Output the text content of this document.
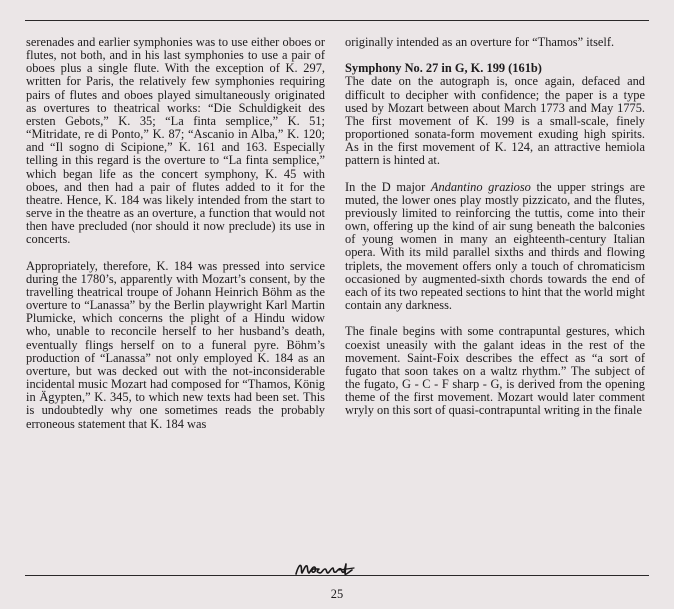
serenades and earlier symphonies was to use either oboes or flutes, not both, and in his last symphonies to use a pair of oboes plus a single flute. With the exception of K. 297, written for Paris, the relatively few symphonies requiring pairs of flutes and oboes played simultaneously originated as overtures to theatrical works: “Die Schuldigkeit des ersten Gebots,” K. 35; “La finta semplice,” K. 51; “Mitridate, re di Ponto,” K. 87; “Ascanio in Alba,” K. 120; and “Il sogno di Scipione,” K. 161 and 163. Especially telling in this regard is the overture to “La finta semplice,” which began life as the concert symphony, K. 45 with oboes, and then had a pair of flutes added to it for the theatre. Hence, K. 184 was likely intended from the start to serve in the theatre as an overture, a function that would not then have precluded (nor should it now preclude) its use in concerts.

Appropriately, therefore, K. 184 was pressed into service during the 1780’s, apparently with Mozart’s consent, by the travelling theatrical troupe of Johann Heinrich Böhm as the overture to “Lanassa” by the Berlin playwright Karl Martin Plumicke, which concerns the plight of a Hindu widow who, unable to reconcile herself to her husband’s death, eventually flings herself on to a funeral pyre. Böhm’s production of “Lanassa” not only employed K. 184 as an overture, but was decked out with the not-inconsiderable incidental music Mozart had composed for “Thamos, König in Ägypten,” K. 345, to which new texts had been set. This is undoubtedly why one sometimes reads the probably erroneous statement that K. 184 was

originally intended as an overture for “Thamos” itself.

Symphony No. 27 in G, K. 199 (161b)

The date on the autograph is, once again, defaced and difficult to decipher with confidence; the paper is a type used by Mozart between about March 1773 and May 1775. The first movement of K. 199 is a small-scale, finely proportioned sonata-form movement exuding high spirits. As in the first movement of K. 124, an attractive hemiola pattern is hinted at.

In the D major Andantino grazioso the upper strings are muted, the lower ones play mostly pizzicato, and the flutes, previously limited to reinforcing the tuttis, come into their own, offering up the kind of air sung beneath the balconies of young women in many an eighteenth-century Italian opera. With its mild parallel sixths and thirds and flowing triplets, the movement offers only a touch of chromaticism occasioned by augmented-sixth chords towards the end of each of its two repeated sections to hint that the world might contain any darkness.

The finale begins with some contrapuntal gestures, which coexist uneasily with the galant ideas in the rest of the movement. Saint-Foix describes the effect as “a sort of fugato that soon takes on a waltz rhythm.” The subject of the fugato, G - C - F sharp - G, is derived from the opening theme of the first movement. Mozart would later comment wryly on this sort of quasi-contrapuntal writing in the finale

25
